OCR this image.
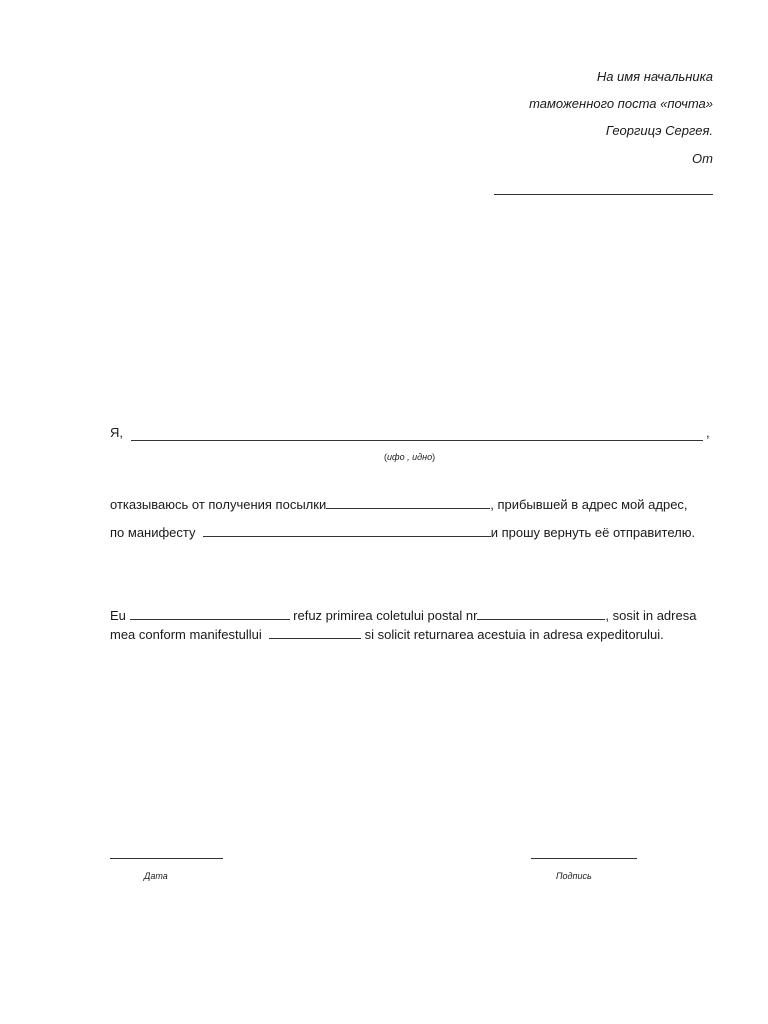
На имя начальника
таможенного поста «почта»
Георгицэ Сергея.
От
Я,	,
(ифо , идно)
отказываюсь от получения посылки	, прибывшей в адрес мой адрес,
по манифесту	и прошу вернуть её отправителю.
Eu	refuz primirea coletului postal nr	, sosit in adresa
mea conform manifestullui	si solicit returnarea acestuia in adresa expeditorului.
Дата	Подпись
